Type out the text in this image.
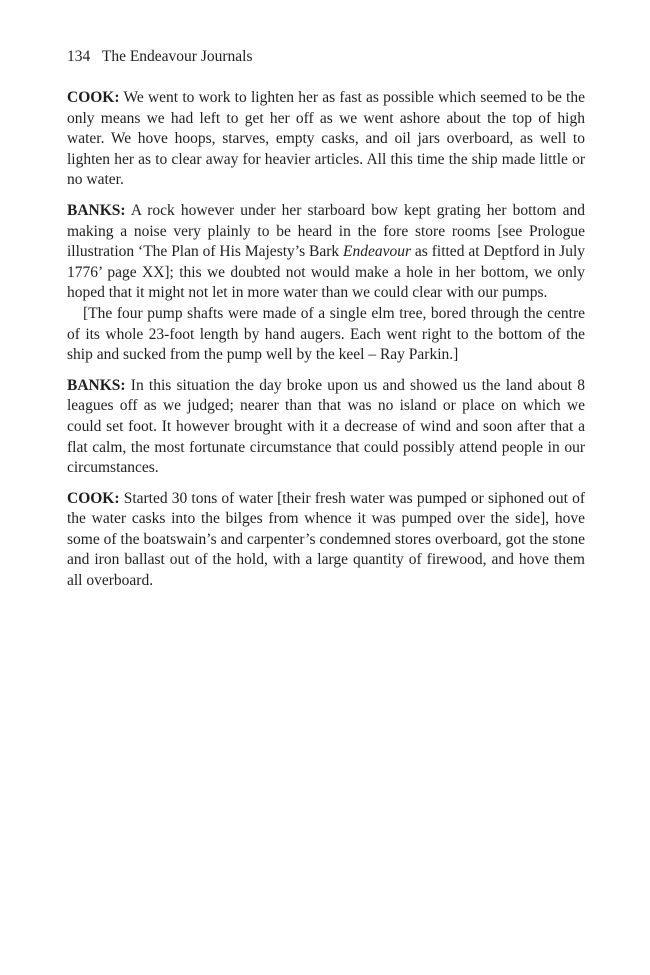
134 The Endeavour Journals

COOK: We went to work to lighten her as fast as possible which seemed to be the only means we had left to get her off as we went ashore about the top of high water. We hove hoops, starves, empty casks, and oil jars overboard, as well to lighten her as to clear away for heavier articles. All this time the ship made little or no water.

BANKS: A rock however under her starboard bow kept grating her bottom and making a noise very plainly to be heard in the fore store rooms [see Prologue illustration ‘The Plan of His Majesty’s Bark Endeavour as fitted at Deptford in July 1776’ page XX]; this we doubted not would make a hole in her bottom, we only hoped that it might not let in more water than we could clear with our pumps.

[The four pump shafts were made of a single elm tree, bored through the centre of its whole 23-foot length by hand augers. Each went right to the bottom of the ship and sucked from the pump well by the keel – Ray Parkin.]

BANKS: In this situation the day broke upon us and showed us the land about 8 leagues off as we judged; nearer than that was no island or place on which we could set foot. It however brought with it a decrease of wind and soon after that a flat calm, the most fortunate circumstance that could possibly attend people in our circumstances.

COOK: Started 30 tons of water [their fresh water was pumped or siphoned out of the water casks into the bilges from whence it was pumped over the side], hove some of the boatswain’s and carpenter’s condemned stores overboard, got the stone and iron ballast out of the hold, with a large quantity of firewood, and hove them all overboard.
